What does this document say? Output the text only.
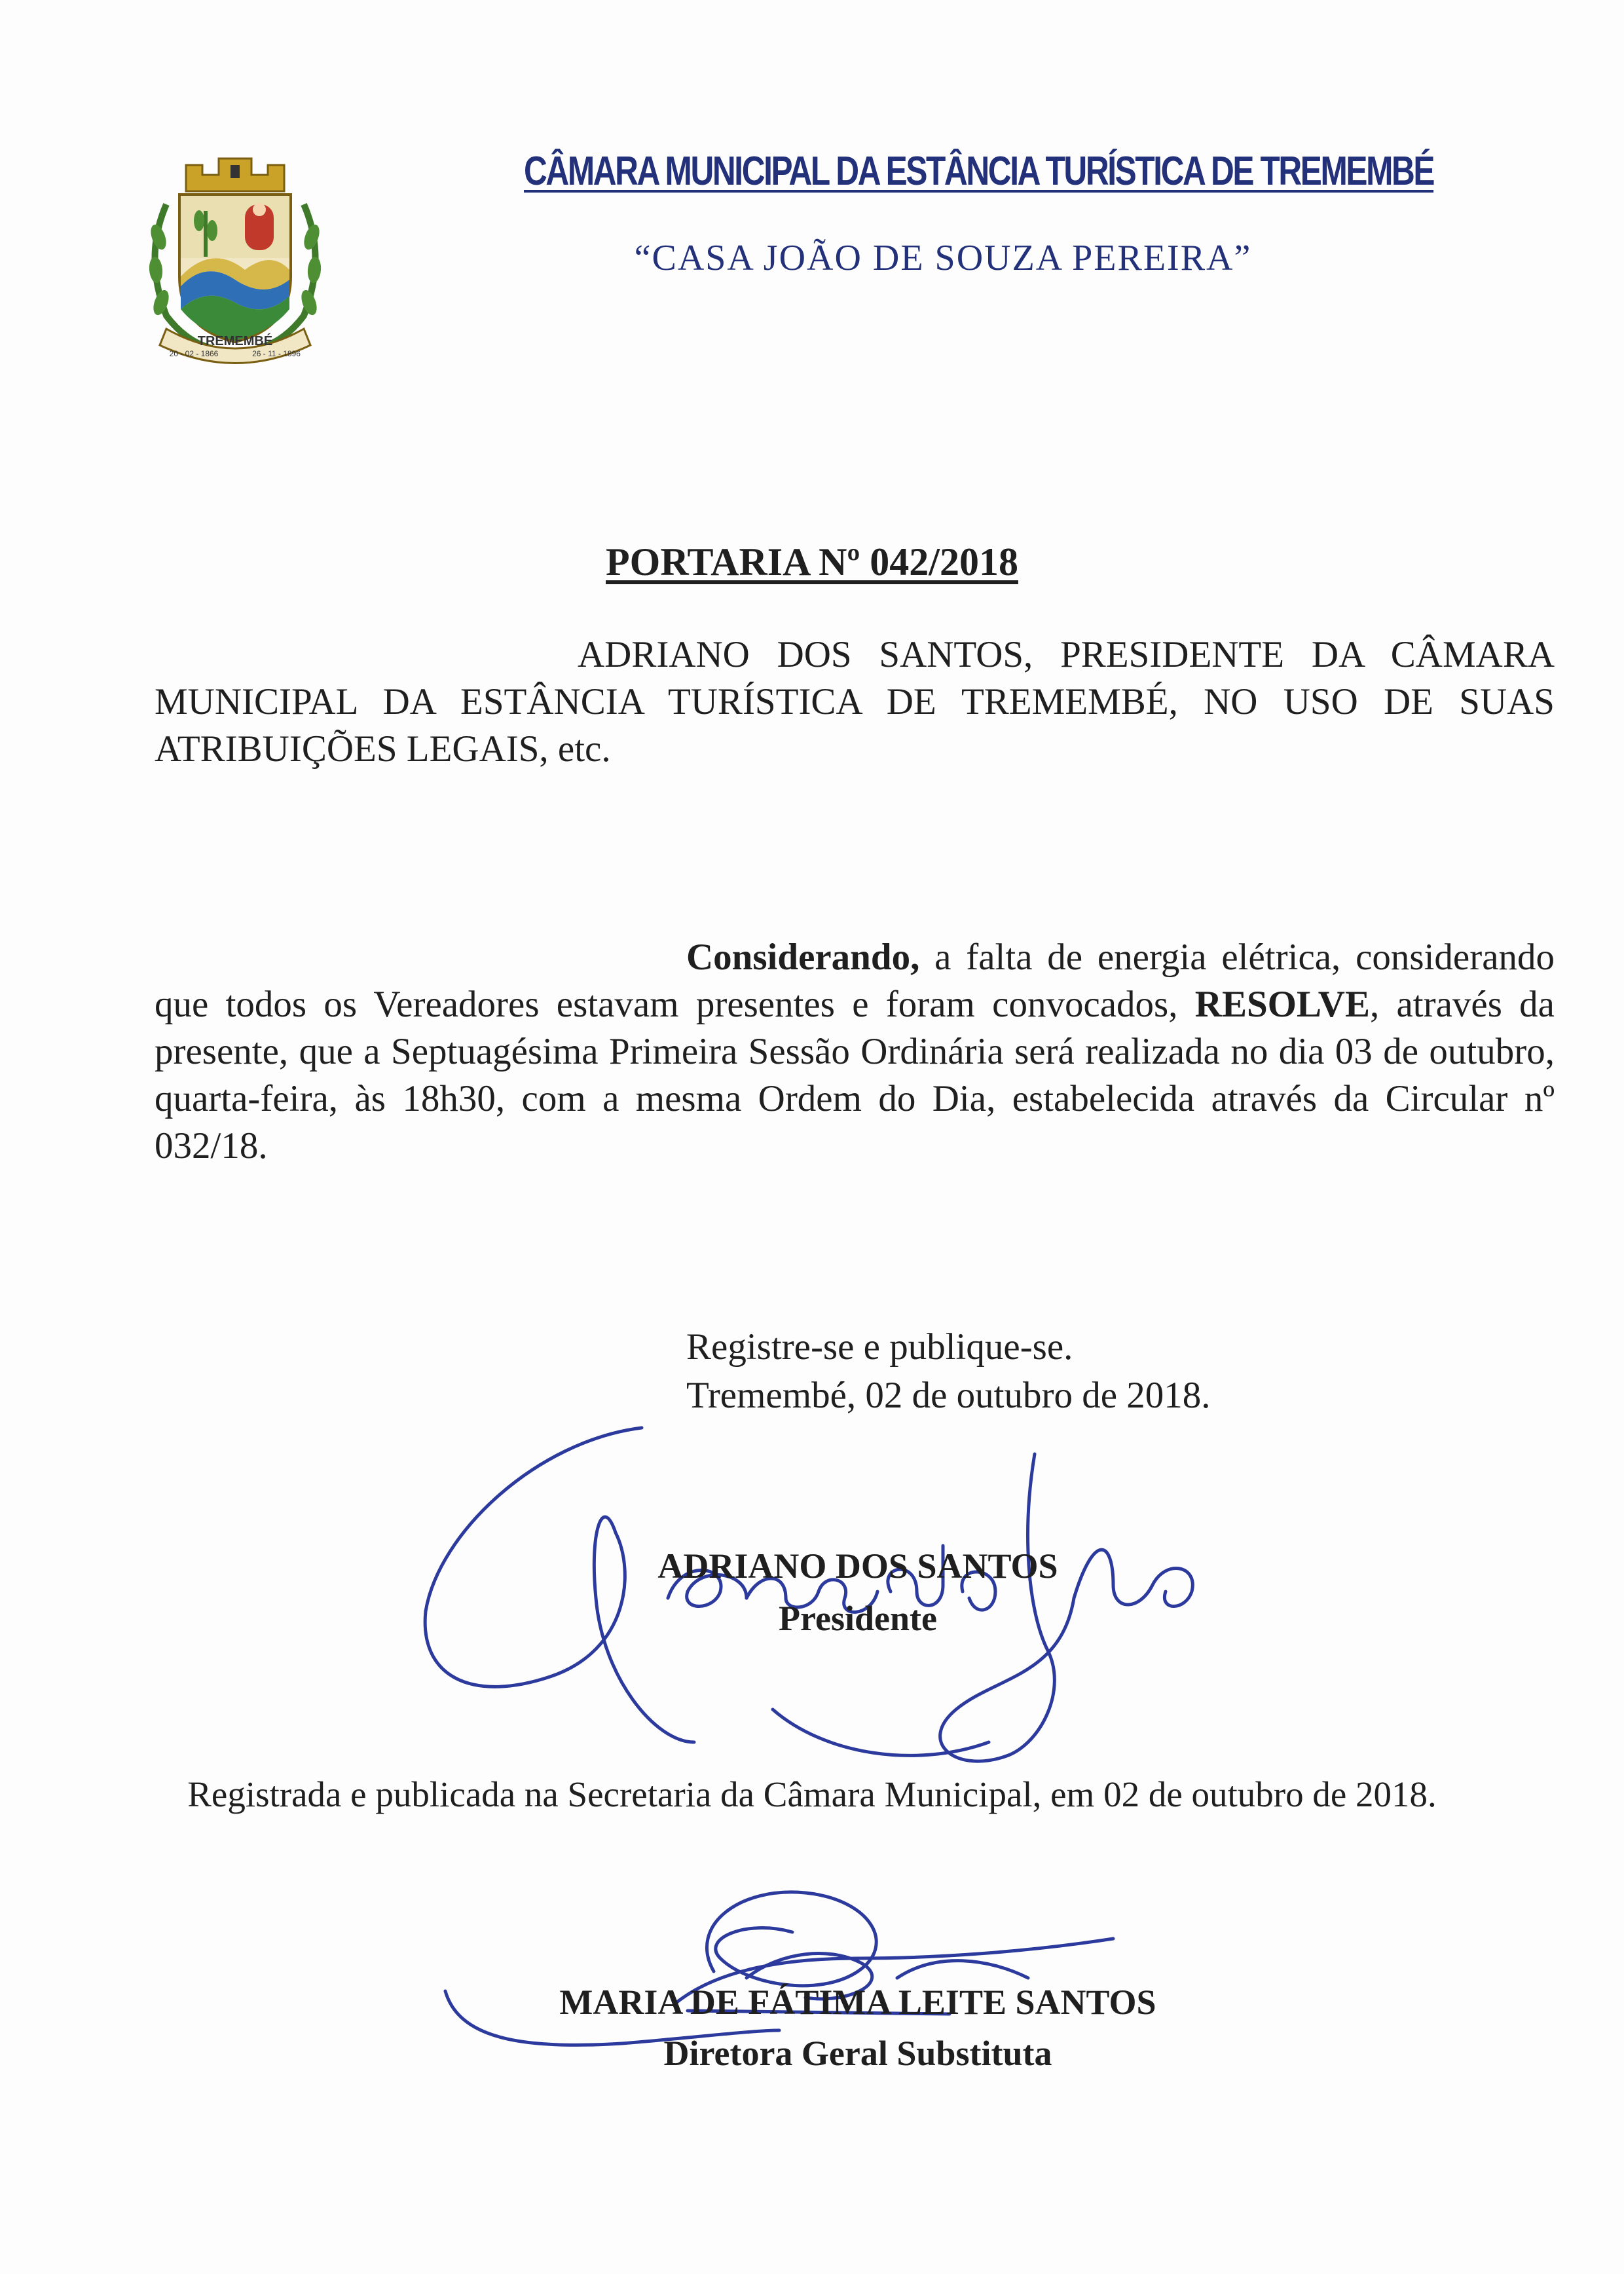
TREMEMBÉ
20 - 02 - 1866	26 - 11 - 1896
CÂMARA MUNICIPAL DA ESTÂNCIA TURÍSTICA DE TREMEMBÉ
“CASA JOÃO DE SOUZA PEREIRA”
PORTARIA Nº 042/2018

ADRIANO DOS SANTOS, PRESIDENTE DA CÂMARA MUNICIPAL DA ESTÂNCIA TURÍSTICA DE TREMEMBÉ, NO USO DE SUAS ATRIBUIÇÕES LEGAIS, etc.

Considerando, a falta de energia elétrica, considerando que todos os Vereadores estavam presentes e foram convocados, RESOLVE, através da presente, que a Septuagésima Primeira Sessão Ordinária será realizada no dia 03 de outubro, quarta-feira, às 18h30, com a mesma Ordem do Dia, estabelecida através da Circular nº 032/18.

Registre-se e publique-se.
Tremembé, 02 de outubro de 2018.
ADRIANO DOS SANTOS
Presidente
Registrada e publicada na Secretaria da Câmara Municipal, em 02 de outubro de 2018.
MARIA DE FÁTIMA LEITE SANTOS
Diretora Geral Substituta
